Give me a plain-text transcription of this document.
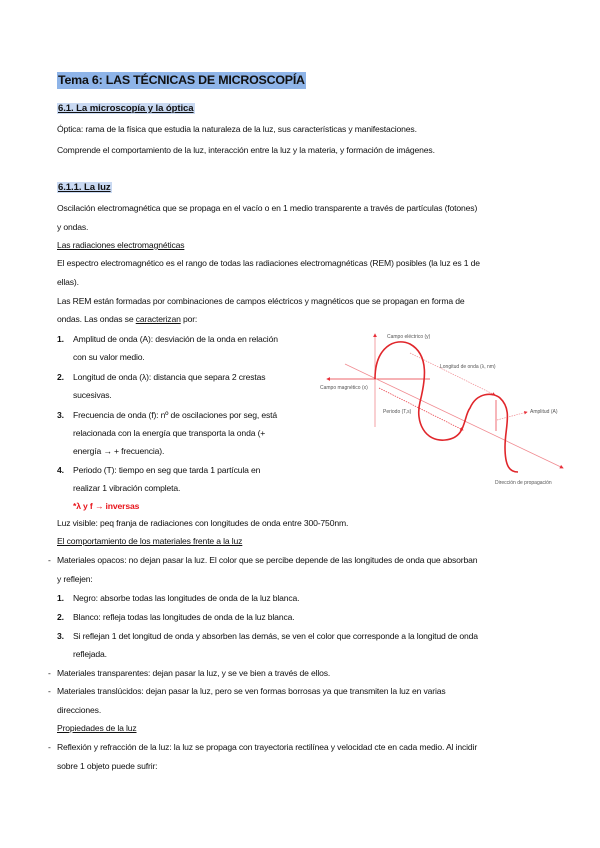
Tema 6: LAS TÉCNICAS DE MICROSCOPÍA
6.1. La microscopía y la óptica
Óptica: rama de la física que estudia la naturaleza de la luz, sus características y manifestaciones.
Comprende el comportamiento de la luz, interacción entre la luz y la materia, y formación de imágenes.
6.1.1. La luz
Oscilación electromagnética que se propaga en el vacío o en 1 medio transparente a través de partículas (fotones)
y ondas.
Las radiaciones electromagnéticas
El espectro electromagnético es el rango de todas las radiaciones electromagnéticas (REM) posibles (la luz es 1 de
ellas).
Las REM están formadas por combinaciones de campos eléctricos y magnéticos que se propagan en forma de
ondas. Las ondas se caracterizan por:
1. Amplitud de onda (A): desviación de la onda en relación
con su valor medio.
2. Longitud de onda (λ): distancia que separa 2 crestas
sucesivas.
3. Frecuencia de onda (f): nº de oscilaciones por seg, está
relacionada con la energía que transporta la onda (+
energía → + frecuencia).
4. Periodo (T): tiempo en seg que tarda 1 partícula en
realizar 1 vibración completa.
*λ y f → inversas
Campo eléctrico (y)
Longitud de onda (λ, nm)
Campo magnético (x)
Periodo (T,s)	Amplitud (A)
Dirección de propagación
Luz visible: peq franja de radiaciones con longitudes de onda entre 300-750nm.
El comportamiento de los materiales frente a la luz
- Materiales opacos: no dejan pasar la luz. El color que se percibe depende de las longitudes de onda que absorban
y reflejen:
1. Negro: absorbe todas las longitudes de onda de la luz blanca.
2. Blanco: refleja todas las longitudes de onda de la luz blanca.
3. Si reflejan 1 det longitud de onda y absorben las demás, se ven el color que corresponde a la longitud de onda
reflejada.
- Materiales transparentes: dejan pasar la luz, y se ve bien a través de ellos.
- Materiales translúcidos: dejan pasar la luz, pero se ven formas borrosas ya que transmiten la luz en varias
direcciones.
Propiedades de la luz
- Reflexión y refracción de la luz: la luz se propaga con trayectoria rectilínea y velocidad cte en cada medio. Al incidir
sobre 1 objeto puede sufrir:
